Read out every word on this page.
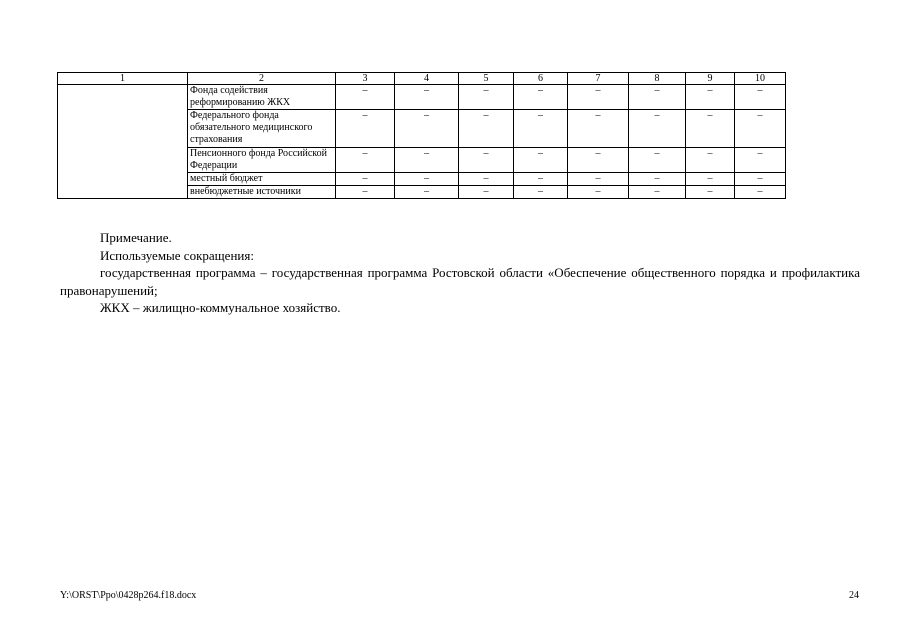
1	2	3	4	5	6	7	8	9	10
	Фонда содействия реформированию ЖКХ	–	–	–	–	–	–	–	–
	Федерального фонда обязательного медицинского страхования	–	–	–	–	–	–	–	–
	Пенсионного фонда Российской Федерации	–	–	–	–	–	–	–	–
	местный бюджет	–	–	–	–	–	–	–	–
	внебюджетные источники	–	–	–	–	–	–	–	–

Примечание.

Используемые сокращения:

государственная программа – государственная программа Ростовской области «Обеспечение общественного порядка и профилактика правонарушений;

ЖКХ – жилищно-коммунальное хозяйство.

Y:\ORST\Ppo\0428p264.f18.docx	24
